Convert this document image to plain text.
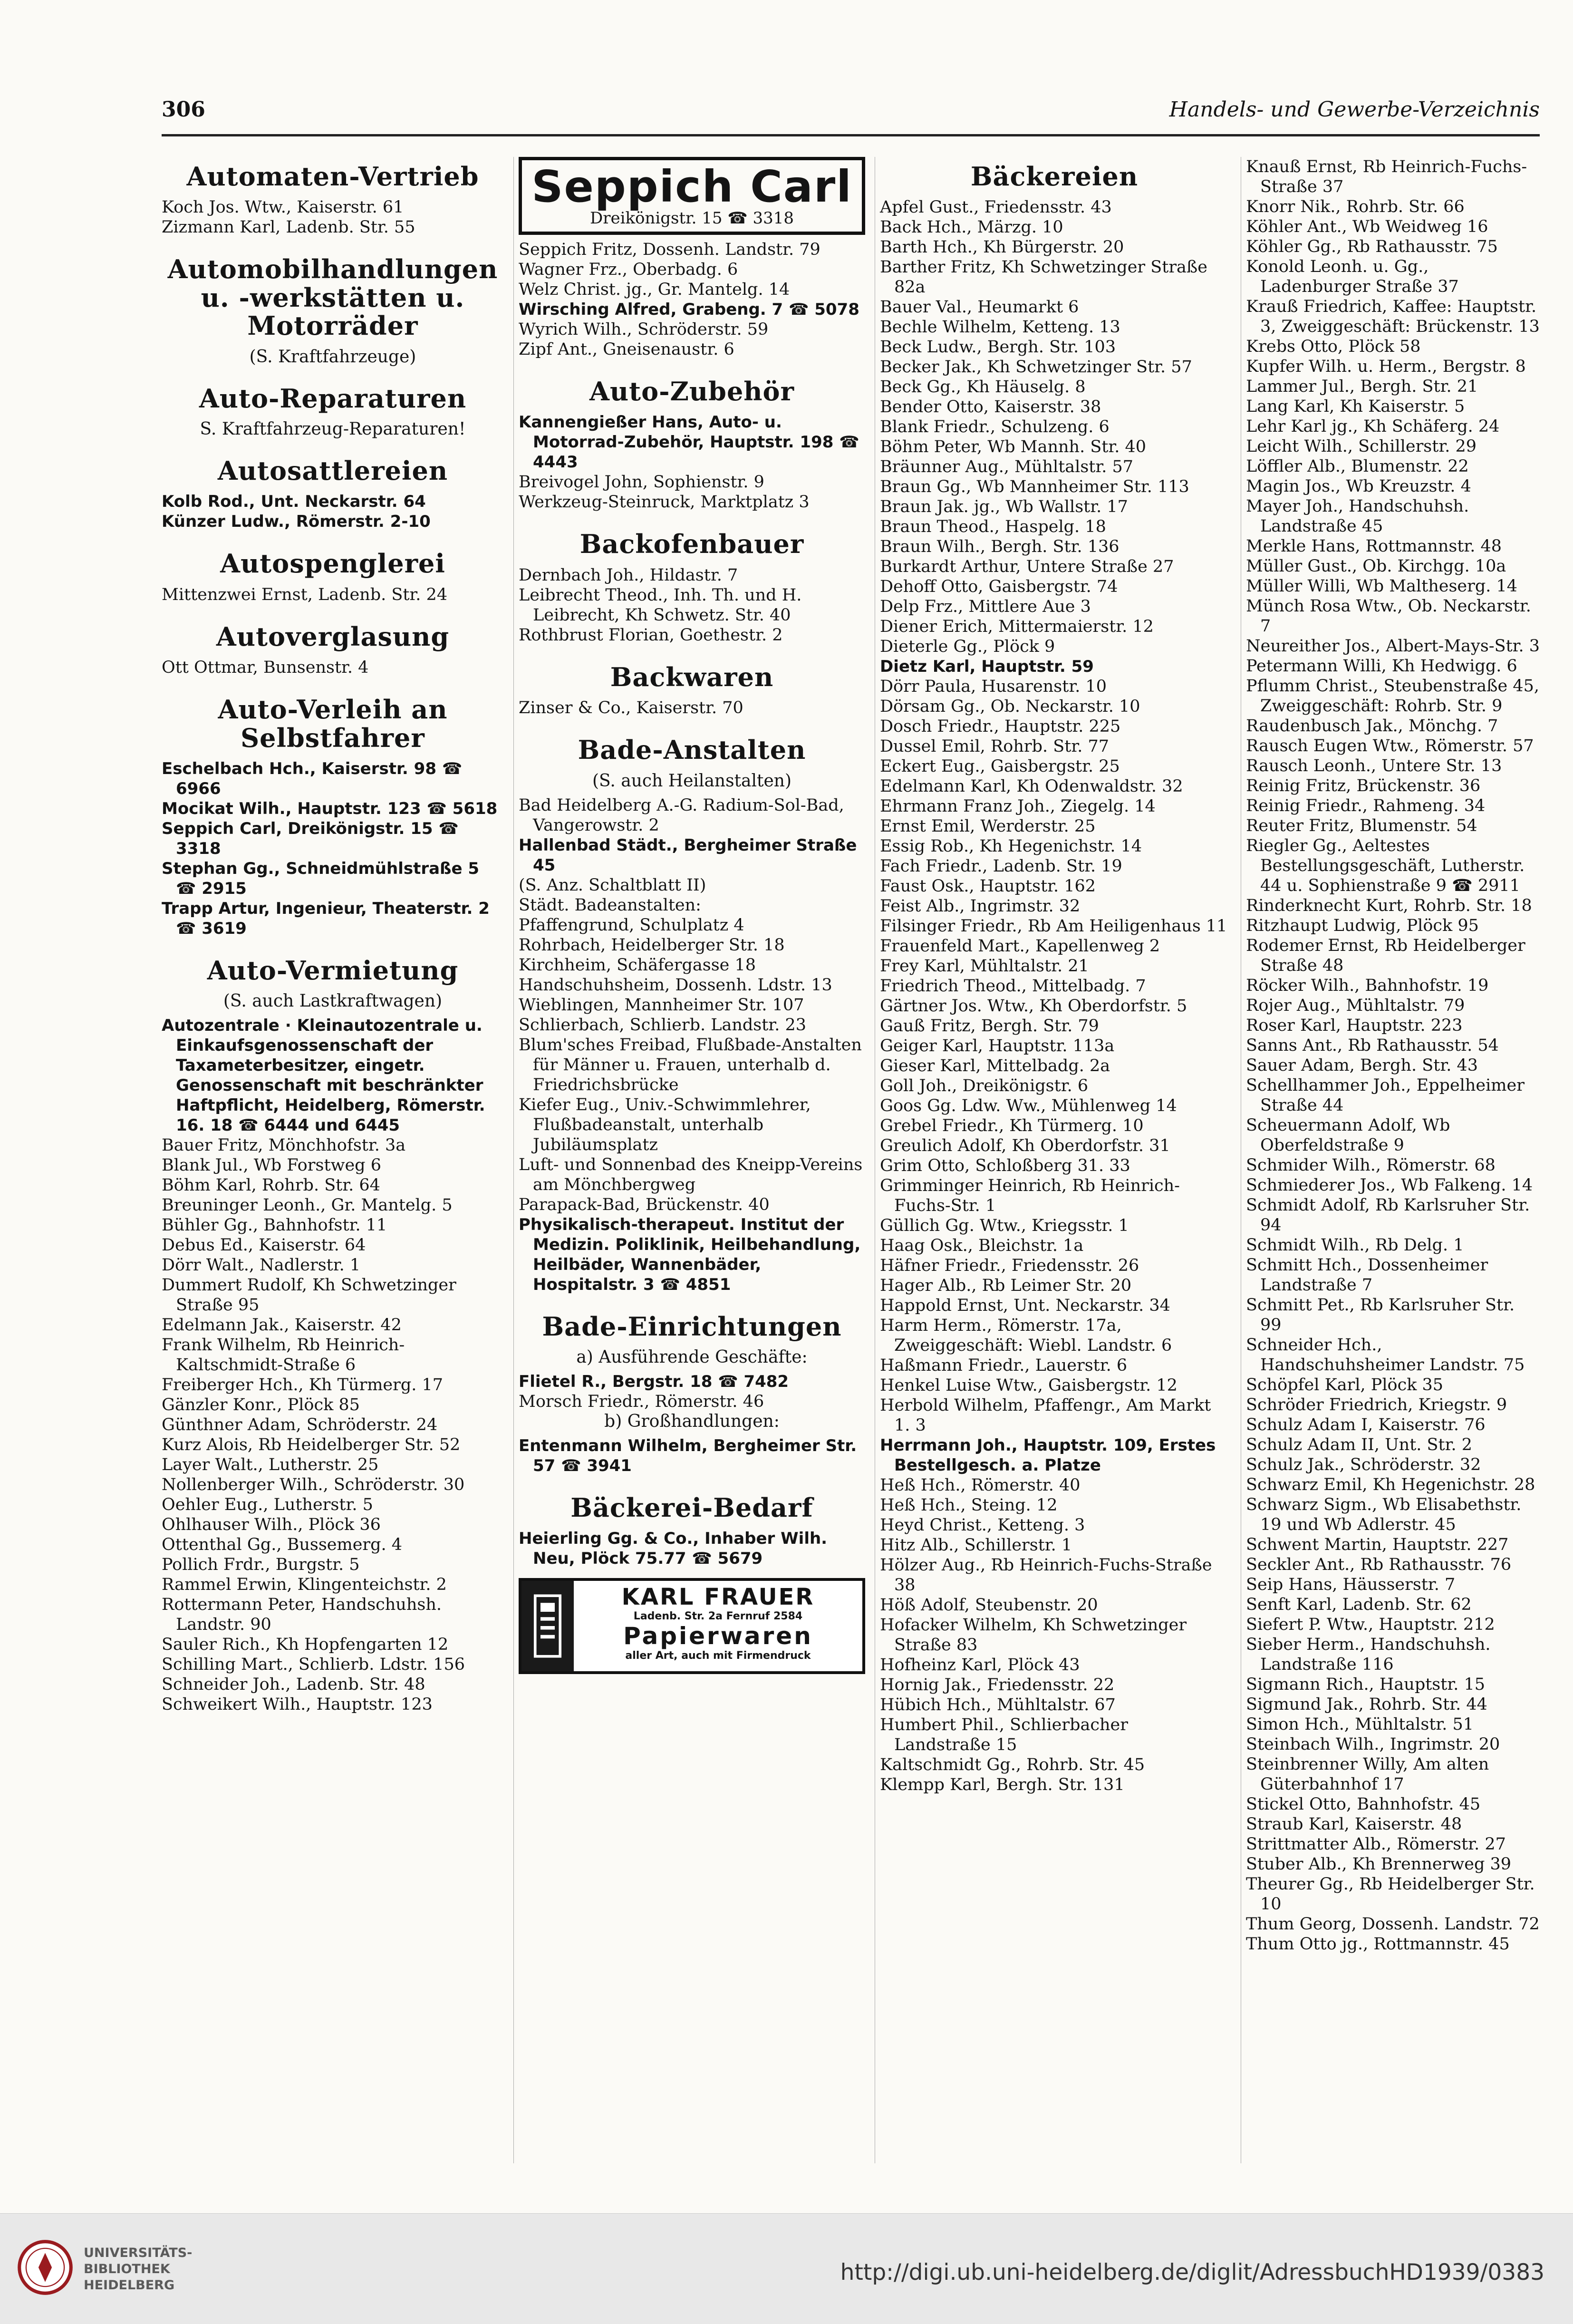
306	Handels- und Gewerbe-Verzeichnis
Automaten-Vertrieb
Koch Jos. Wtw., Kaiserstr. 61
Zizmann Karl, Ladenb. Str. 55
Automobilhandlungen u. -werkstätten u. Motorräder
(S. Kraftfahrzeuge)
Auto-Reparaturen
S. Kraftfahrzeug-Reparaturen!
Autosattlereien
Kolb Rod., Unt. Neckarstr. 64
Künzer Ludw., Römerstr. 2-10
Autospenglerei
Mittenzwei Ernst, Ladenb. Str. 24
Autoverglasung
Ott Ottmar, Bunsenstr. 4
Auto-Verleih an Selbstfahrer
Eschelbach Hch., Kaiserstr. 98 ☎ 6966
Mocikat Wilh., Hauptstr. 123 ☎ 5618
Seppich Carl, Dreikönigstr. 15 ☎ 3318
Stephan Gg., Schneidmühlstraße 5 ☎ 2915
Trapp Artur, Ingenieur, Theaterstr. 2 ☎ 3619
Auto-Vermietung
(S. auch Lastkraftwagen)
Autozentrale · Kleinautozentrale u. Einkaufsgenossenschaft der Taxameterbesitzer, eingetr. Genossenschaft mit beschränkter Haftpflicht, Heidelberg, Römerstr. 16. 18 ☎ 6444 und 6445
Bauer Fritz, Mönchhofstr. 3a
Blank Jul., Wb Forstweg 6
Böhm Karl, Rohrb. Str. 64
Breuninger Leonh., Gr. Mantelg. 5
Bühler Gg., Bahnhofstr. 11
Debus Ed., Kaiserstr. 64
Dörr Walt., Nadlerstr. 1
Dummert Rudolf, Kh Schwetzinger Straße 95
Edelmann Jak., Kaiserstr. 42
Frank Wilhelm, Rb Heinrich-Kaltschmidt-Straße 6
Freiberger Hch., Kh Türmerg. 17
Gänzler Konr., Plöck 85
Günthner Adam, Schröderstr. 24
Kurz Alois, Rb Heidelberger Str. 52
Layer Walt., Lutherstr. 25
Nollenberger Wilh., Schröderstr. 30
Oehler Eug., Lutherstr. 5
Ohlhauser Wilh., Plöck 36
Ottenthal Gg., Bussemerg. 4
Pollich Frdr., Burgstr. 5
Rammel Erwin, Klingenteichstr. 2
Rottermann Peter, Handschuhsh. Landstr. 90
Sauler Rich., Kh Hopfengarten 12
Schilling Mart., Schlierb. Ldstr. 156
Schneider Joh., Ladenb. Str. 48
Schweikert Wilh., Hauptstr. 123
Seppich Carl
Dreikönigstr. 15 ☎ 3318
Seppich Fritz, Dossenh. Landstr. 79
Wagner Frz., Oberbadg. 6
Welz Christ. jg., Gr. Mantelg. 14
Wirsching Alfred, Grabeng. 7 ☎ 5078
Wyrich Wilh., Schröderstr. 59
Zipf Ant., Gneisenaustr. 6
Auto-Zubehör
Kannengießer Hans, Auto- u. Motorrad-Zubehör, Hauptstr. 198 ☎ 4443
Breivogel John, Sophienstr. 9
Werkzeug-Steinruck, Marktplatz 3
Backofenbauer
Dernbach Joh., Hildastr. 7
Leibrecht Theod., Inh. Th. und H. Leibrecht, Kh Schwetz. Str. 40
Rothbrust Florian, Goethestr. 2
Backwaren
Zinser & Co., Kaiserstr. 70
Bade-Anstalten
(S. auch Heilanstalten)
Bad Heidelberg A.-G. Radium-Sol-Bad, Vangerowstr. 2
Hallenbad Städt., Bergheimer Straße 45
(S. Anz. Schaltblatt II)
Städt. Badeanstalten:
Pfaffengrund, Schulplatz 4
Rohrbach, Heidelberger Str. 18
Kirchheim, Schäfergasse 18
Handschuhsheim, Dossenh. Ldstr. 13
Wieblingen, Mannheimer Str. 107
Schlierbach, Schlierb. Landstr. 23
Blum'sches Freibad, Flußbade-Anstalten für Männer u. Frauen, unterhalb d. Friedrichsbrücke
Kiefer Eug., Univ.-Schwimmlehrer, Flußbadeanstalt, unterhalb Jubiläumsplatz
Luft- und Sonnenbad des Kneipp-Vereins am Mönchbergweg
Parapack-Bad, Brückenstr. 40
Physikalisch-therapeut. Institut der Medizin. Poliklinik, Heilbehandlung, Heilbäder, Wannenbäder, Hospitalstr. 3 ☎ 4851
Bade-Einrichtungen
a) Ausführende Geschäfte:
Flietel R., Bergstr. 18 ☎ 7482
Morsch Friedr., Römerstr. 46
b) Großhandlungen:
Entenmann Wilhelm, Bergheimer Str. 57 ☎ 3941
Bäckerei-Bedarf
Heierling Gg. & Co., Inhaber Wilh. Neu, Plöck 75.77 ☎ 5679
KARL FRAUER
Ladenb. Str. 2a Fernruf 2584
Papierwaren
aller Art, auch mit Firmendruck
Bäckereien
Apfel Gust., Friedensstr. 43
Back Hch., Märzg. 10
Barth Hch., Kh Bürgerstr. 20
Barther Fritz, Kh Schwetzinger Straße 82a
Bauer Val., Heumarkt 6
Bechle Wilhelm, Ketteng. 13
Beck Ludw., Bergh. Str. 103
Becker Jak., Kh Schwetzinger Str. 57
Beck Gg., Kh Häuselg. 8
Bender Otto, Kaiserstr. 38
Blank Friedr., Schulzeng. 6
Böhm Peter, Wb Mannh. Str. 40
Bräunner Aug., Mühltalstr. 57
Braun Gg., Wb Mannheimer Str. 113
Braun Jak. jg., Wb Wallstr. 17
Braun Theod., Haspelg. 18
Braun Wilh., Bergh. Str. 136
Burkardt Arthur, Untere Straße 27
Dehoff Otto, Gaisbergstr. 74
Delp Frz., Mittlere Aue 3
Diener Erich, Mittermaierstr. 12
Dieterle Gg., Plöck 9
Dietz Karl, Hauptstr. 59
Dörr Paula, Husarenstr. 10
Dörsam Gg., Ob. Neckarstr. 10
Dosch Friedr., Hauptstr. 225
Dussel Emil, Rohrb. Str. 77
Eckert Eug., Gaisbergstr. 25
Edelmann Karl, Kh Odenwaldstr. 32
Ehrmann Franz Joh., Ziegelg. 14
Ernst Emil, Werderstr. 25
Essig Rob., Kh Hegenichstr. 14
Fach Friedr., Ladenb. Str. 19
Faust Osk., Hauptstr. 162
Feist Alb., Ingrimstr. 32
Filsinger Friedr., Rb Am Heiligenhaus 11
Frauenfeld Mart., Kapellenweg 2
Frey Karl, Mühltalstr. 21
Friedrich Theod., Mittelbadg. 7
Gärtner Jos. Wtw., Kh Oberdorfstr. 5
Gauß Fritz, Bergh. Str. 79
Geiger Karl, Hauptstr. 113a
Gieser Karl, Mittelbadg. 2a
Goll Joh., Dreikönigstr. 6
Goos Gg. Ldw. Ww., Mühlenweg 14
Grebel Friedr., Kh Türmerg. 10
Greulich Adolf, Kh Oberdorfstr. 31
Grim Otto, Schloßberg 31. 33
Grimminger Heinrich, Rb Heinrich-Fuchs-Str. 1
Güllich Gg. Wtw., Kriegsstr. 1
Haag Osk., Bleichstr. 1a
Häfner Friedr., Friedensstr. 26
Hager Alb., Rb Leimer Str. 20
Happold Ernst, Unt. Neckarstr. 34
Harm Herm., Römerstr. 17a, Zweiggeschäft: Wiebl. Landstr. 6
Haßmann Friedr., Lauerstr. 6
Henkel Luise Wtw., Gaisbergstr. 12
Herbold Wilhelm, Pfaffengr., Am Markt 1. 3
Herrmann Joh., Hauptstr. 109, Erstes Bestellgesch. a. Platze
Heß Hch., Römerstr. 40
Heß Hch., Steing. 12
Heyd Christ., Ketteng. 3
Hitz Alb., Schillerstr. 1
Hölzer Aug., Rb Heinrich-Fuchs-Straße 38
Höß Adolf, Steubenstr. 20
Hofacker Wilhelm, Kh Schwetzinger Straße 83
Hofheinz Karl, Plöck 43
Hornig Jak., Friedensstr. 22
Hübich Hch., Mühltalstr. 67
Humbert Phil., Schlierbacher Landstraße 15
Kaltschmidt Gg., Rohrb. Str. 45
Klempp Karl, Bergh. Str. 131
Knauß Ernst, Rb Heinrich-Fuchs-Straße 37
Knorr Nik., Rohrb. Str. 66
Köhler Ant., Wb Weidweg 16
Köhler Gg., Rb Rathausstr. 75
Konold Leonh. u. Gg., Ladenburger Straße 37
Krauß Friedrich, Kaffee: Hauptstr. 3, Zweiggeschäft: Brückenstr. 13
Krebs Otto, Plöck 58
Kupfer Wilh. u. Herm., Bergstr. 8
Lammer Jul., Bergh. Str. 21
Lang Karl, Kh Kaiserstr. 5
Lehr Karl jg., Kh Schäferg. 24
Leicht Wilh., Schillerstr. 29
Löffler Alb., Blumenstr. 22
Magin Jos., Wb Kreuzstr. 4
Mayer Joh., Handschuhsh. Landstraße 45
Merkle Hans, Rottmannstr. 48
Müller Gust., Ob. Kirchgg. 10a
Müller Willi, Wb Maltheserg. 14
Münch Rosa Wtw., Ob. Neckarstr. 7
Neureither Jos., Albert-Mays-Str. 3
Petermann Willi, Kh Hedwigg. 6
Pflumm Christ., Steubenstraße 45, Zweiggeschäft: Rohrb. Str. 9
Raudenbusch Jak., Mönchg. 7
Rausch Eugen Wtw., Römerstr. 57
Rausch Leonh., Untere Str. 13
Reinig Fritz, Brückenstr. 36
Reinig Friedr., Rahmeng. 34
Reuter Fritz, Blumenstr. 54
Riegler Gg., Aeltestes Bestellungsgeschäft, Lutherstr. 44 u. Sophienstraße 9 ☎ 2911
Rinderknecht Kurt, Rohrb. Str. 18
Ritzhaupt Ludwig, Plöck 95
Rodemer Ernst, Rb Heidelberger Straße 48
Röcker Wilh., Bahnhofstr. 19
Rojer Aug., Mühltalstr. 79
Roser Karl, Hauptstr. 223
Sanns Ant., Rb Rathausstr. 54
Sauer Adam, Bergh. Str. 43
Schellhammer Joh., Eppelheimer Straße 44
Scheuermann Adolf, Wb Oberfeldstraße 9
Schmider Wilh., Römerstr. 68
Schmiederer Jos., Wb Falkeng. 14
Schmidt Adolf, Rb Karlsruher Str. 94
Schmidt Wilh., Rb Delg. 1
Schmitt Hch., Dossenheimer Landstraße 7
Schmitt Pet., Rb Karlsruher Str. 99
Schneider Hch., Handschuhsheimer Landstr. 75
Schöpfel Karl, Plöck 35
Schröder Friedrich, Kriegstr. 9
Schulz Adam I, Kaiserstr. 76
Schulz Adam II, Unt. Str. 2
Schulz Jak., Schröderstr. 32
Schwarz Emil, Kh Hegenichstr. 28
Schwarz Sigm., Wb Elisabethstr. 19 und Wb Adlerstr. 45
Schwent Martin, Hauptstr. 227
Seckler Ant., Rb Rathausstr. 76
Seip Hans, Häusserstr. 7
Senft Karl, Ladenb. Str. 62
Siefert P. Wtw., Hauptstr. 212
Sieber Herm., Handschuhsh. Landstraße 116
Sigmann Rich., Hauptstr. 15
Sigmund Jak., Rohrb. Str. 44
Simon Hch., Mühltalstr. 51
Steinbach Wilh., Ingrimstr. 20
Steinbrenner Willy, Am alten Güterbahnhof 17
Stickel Otto, Bahnhofstr. 45
Straub Karl, Kaiserstr. 48
Strittmatter Alb., Römerstr. 27
Stuber Alb., Kh Brennerweg 39
Theurer Gg., Rb Heidelberger Str. 10
Thum Georg, Dossenh. Landstr. 72
Thum Otto jg., Rottmannstr. 45
UNIVERSITÄTS-
BIBLIOTHEK
HEIDELBERG	http://digi.ub.uni-heidelberg.de/diglit/AdressbuchHD1939/0383
